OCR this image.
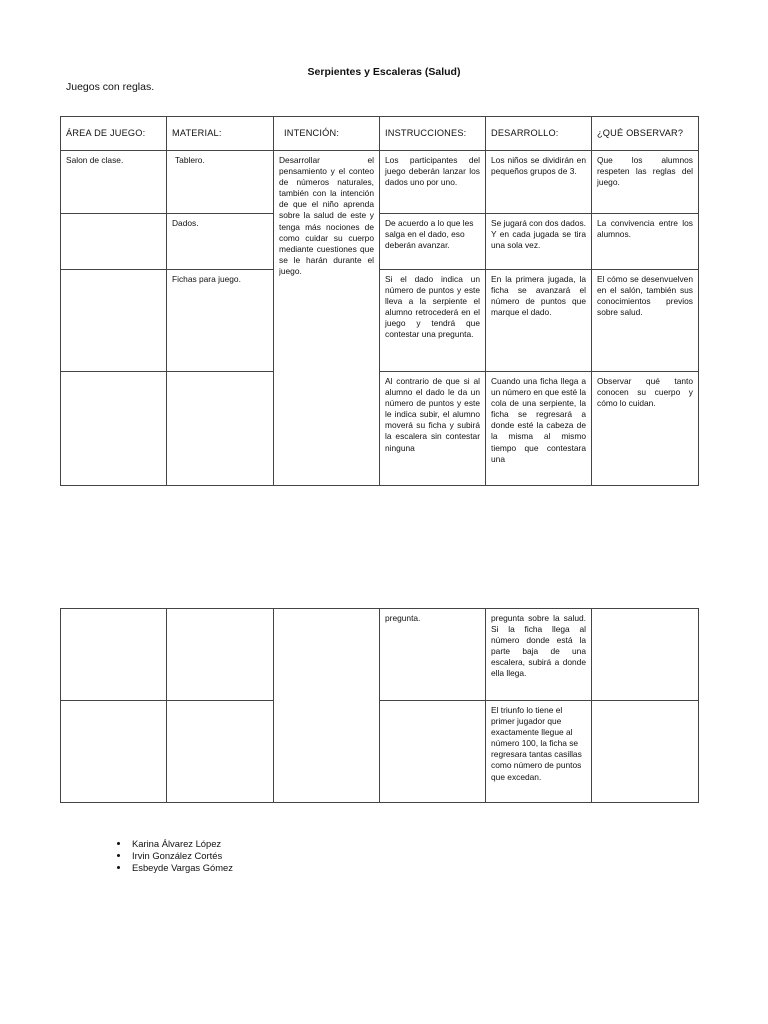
Serpientes y Escaleras (Salud)
Juegos con reglas.
ÁREA DE JUEGO:	MATERIAL:	INTENCIÓN:	INSTRUCCIONES:	DESARROLLO:	¿QUÉ OBSERVAR?
Salon de clase.	Tablero.	Desarrollar el pensamiento y el conteo de números naturales, también con la intención de que el niño aprenda sobre la salud de este y tenga más nociones de como cuidar su cuerpo mediante cuestiones que se le harán durante el juego.	Los participantes del juego deberán lanzar los dados uno por uno.	Los niños se dividirán en pequeños grupos de 3.	Que los alumnos respeten las reglas del juego.
	Dados.		De acuerdo a lo que les salga en el dado, eso deberán avanzar.	Se jugará con dos dados. Y en cada jugada se tira una sola vez.	La convivencia entre los alumnos.
	Fichas para juego.		Si el dado indica un número de puntos y este lleva a la serpiente el alumno retrocederá en el juego y tendrá que contestar una pregunta.	En la primera jugada, la ficha se avanzará el número de puntos que marque el dado.	El cómo se desenvuelven en el salón, también sus conocimientos previos sobre salud.

			Al contrario de que si al alumno el dado le da un número de puntos y este le indica subir, el alumno moverá su ficha y subirá la escalera sin contestar ninguna	Cuando una ficha llega a un número en que esté la cola de una serpiente, la ficha se regresará a donde esté la cabeza de la misma al mismo tiempo que contestara una	Observar qué tanto conocen su cuerpo y cómo lo cuidan.
			pregunta.	pregunta sobre la salud. Si la ficha llega al número donde está la parte baja de una escalera, subirá a donde ella llega.	
				El triunfo lo tiene el primer jugador que exactamente llegue al número 100, la ficha se regresara tantas casillas como número de puntos que excedan.	
• Karina Álvarez López
• Irvin González Cortés
• Esbeyde Vargas Gómez
